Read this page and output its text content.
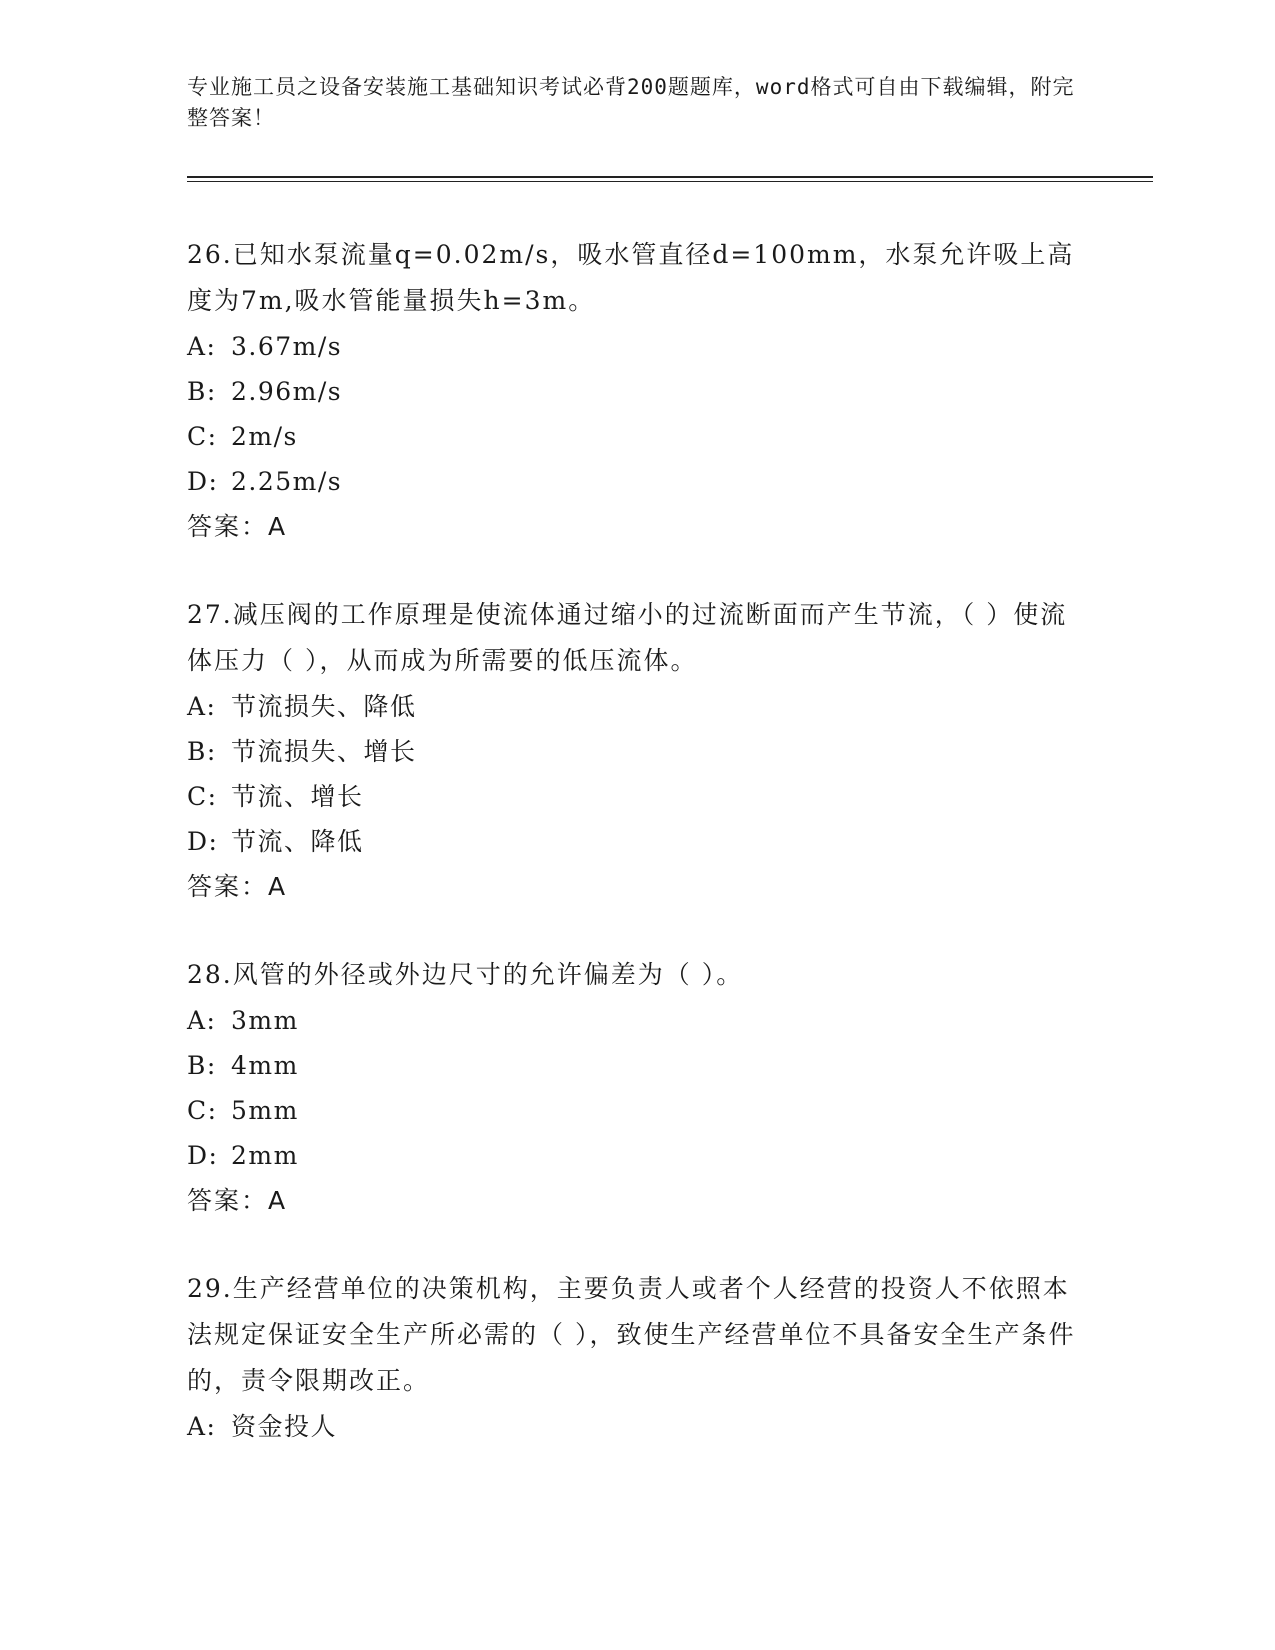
专业施工员之设备安装施工基础知识考试必背200题题库，word格式可自由下载编辑，附完整答案！
26.已知水泵流量q=0.02m/s，吸水管直径d=100mm，水泵允许吸上高度为7m,吸水管能量损失h=3m。
A: 3.67m/s
B: 2.96m/s
C: 2m/s
D: 2.25m/s
答案：A
27.减压阀的工作原理是使流体通过缩小的过流断面而产生节流，（ ）使流体压力（ ），从而成为所需要的低压流体。
A: 节流损失、降低
B: 节流损失、增长
C: 节流、增长
D: 节流、降低
答案：A
28.风管的外径或外边尺寸的允许偏差为（ ）。
A: 3mm
B: 4mm
C: 5mm
D: 2mm
答案：A
29.生产经营单位的决策机构，主要负责人或者个人经营的投资人不依照本法规定保证安全生产所必需的（ ），致使生产经营单位不具备安全生产条件的，责令限期改正。
A: 资金投人
